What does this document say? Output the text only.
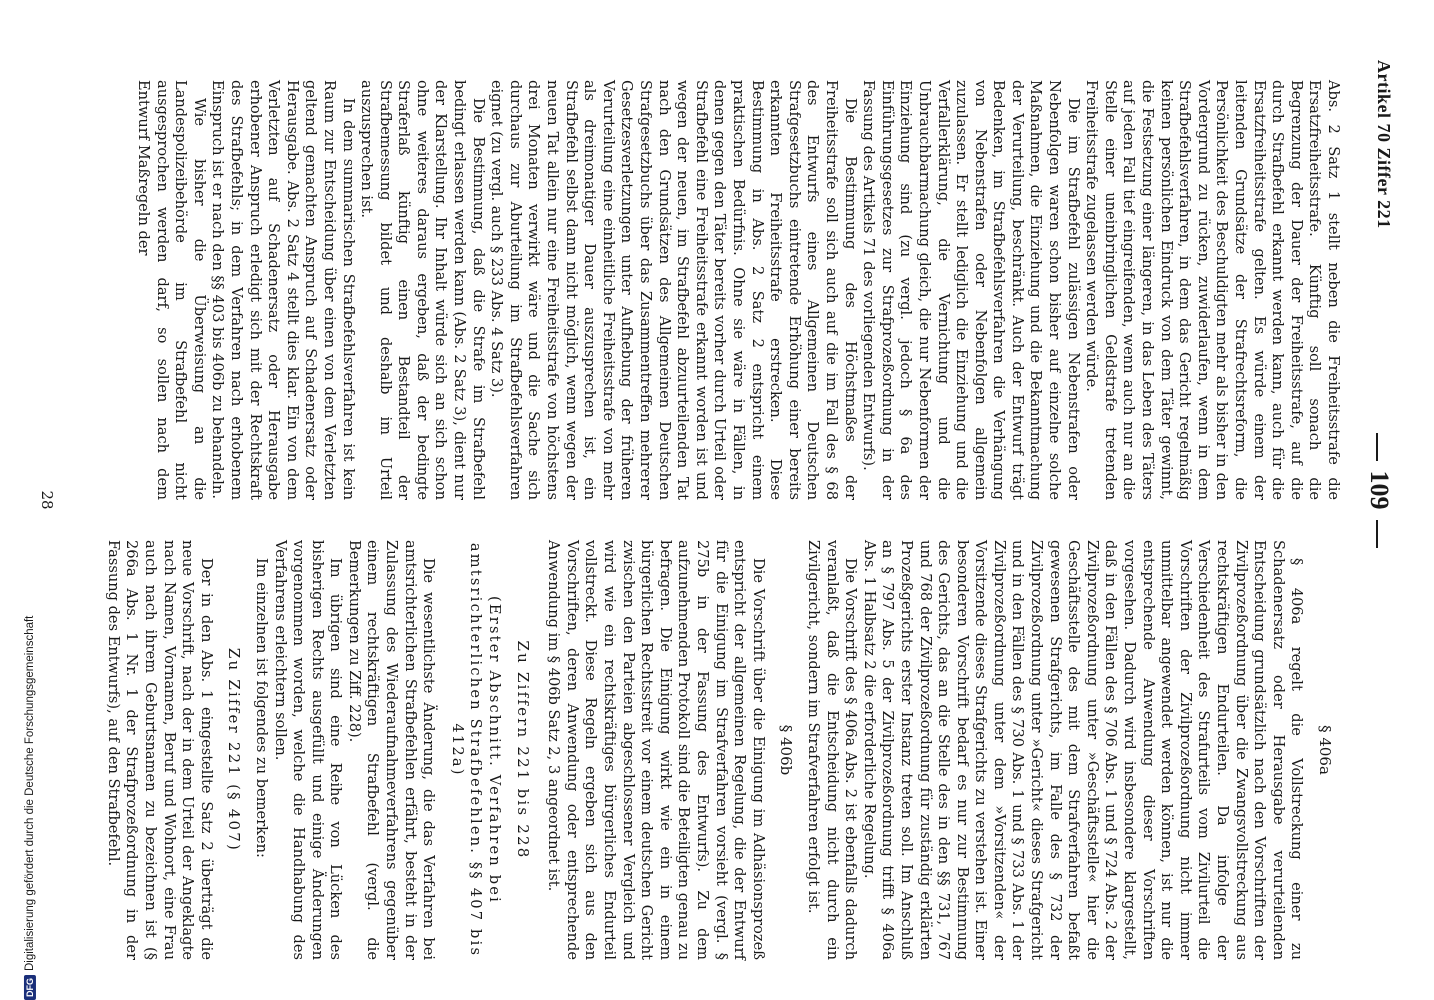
Artikel 70 Ziffer 221
109

Abs. 2 Satz 1 stellt neben die Freiheitsstrafe die Ersatzfreiheitsstrafe. Künftig soll sonach die Begrenzung der Dauer der Freiheitsstrafe, auf die durch Strafbefehl erkannt werden kann, auch für die Ersatzfreiheitsstrafe gelten. Es würde einem der leitenden Grundsätze der Strafrechtsreform, die Persönlichkeit des Beschuldigten mehr als bisher in den Vordergrund zu rücken, zuwiderlaufen, wenn in dem Strafbefehlsverfahren, in dem das Gericht regelmäßig keinen persönlichen Eindruck von dem Täter gewinnt, die Festsetzung einer längeren, in das Leben des Täters auf jeden Fall tief eingreifenden, wenn auch nur an die Stelle einer uneinbringlichen Geldstrafe tretenden Freiheitsstrafe zugelassen werden würde.

Die im Strafbefehl zulässigen Nebenstrafen oder Nebenfolgen waren schon bisher auf einzelne solche Maßnahmen, die Einziehung und die Bekanntmachung der Verurteilung, beschränkt. Auch der Entwurf trägt Bedenken, im Strafbefehlsverfahren die Verhängung von Nebenstrafen oder Nebenfolgen allgemein zuzulassen. Er stellt lediglich die Einziehung und die Verfallerklärung, die Vernichtung und die Unbrauchbarmachung gleich, die nur Nebenformen der Einziehung sind (zu vergl. jedoch § 6a des Einführungsgesetzes zur Strafprozeßordnung in der Fassung des Artikels 71 des vorliegenden Entwurfs).

Die Bestimmung des Höchstmaßes der Freiheitsstrafe soll sich auch auf die im Fall des § 68 des Entwurfs eines Allgemeinen Deutschen Strafgesetzbuchs eintretende Erhöhung einer bereits erkannten Freiheitsstrafe erstrecken. Diese Bestimmung in Abs. 2 Satz 2 entspricht einem praktischen Bedürfnis. Ohne sie wäre in Fällen, in denen gegen den Täter bereits vorher durch Urteil oder Strafbefehl eine Freiheitsstrafe erkannt worden ist und wegen der neuen, im Strafbefehl abzuurteilenden Tat nach den Grundsätzen des Allgemeinen Deutschen Strafgesetzbuchs über das Zusammentreffen mehrerer Gesetzesverletzungen unter Aufhebung der früheren Verurteilung eine einheitliche Freiheitsstrafe von mehr als dreimonatiger Dauer auszusprechen ist, ein Strafbefehl selbst dann nicht möglich, wenn wegen der neuen Tat allein nur eine Freiheitsstrafe von höchstens drei Monaten verwirkt wäre und die Sache sich durchaus zur Aburteilung im Strafbefehlsverfahren eignet (zu vergl. auch § 233 Abs. 4 Satz 3).

Die Bestimmung, daß die Strafe im Strafbefehl bedingt erlassen werden kann (Abs. 2 Satz 3), dient nur der Klarstellung. Ihr Inhalt würde sich an sich schon ohne weiteres daraus ergeben, daß der bedingte Straferlaß künftig einen Bestandteil der Strafbemessung bildet und deshalb im Urteil auszusprechen ist.

In dem summarischen Strafbefehlsverfahren ist kein Raum zur Entscheidung über einen von dem Verletzten geltend gemachten Anspruch auf Schadenersatz oder Herausgabe. Abs. 2 Satz 4 stellt dies klar. Ein von dem Verletzten auf Schadenersatz oder Herausgabe erhobener Anspruch erledigt sich mit der Rechtskraft des Strafbefehls; in dem Verfahren nach erhobenem Einspruch ist er nach den §§ 403 bis 406b zu behandeln.

Wie bisher die Überweisung an die Landespolizeibehörde im Strafbefehl nicht ausgesprochen werden darf, so sollen nach dem Entwurf Maßregeln der

§ 406a

§ 406a regelt die Vollstreckung einer zu Schadenersatz oder Herausgabe verurteilenden Entscheidung grundsätzlich nach den Vorschriften der Zivilprozeßordnung über die Zwangsvollstreckung aus rechtskräftigen Endurteilen. Da infolge der Verschiedenheit des Strafurteils vom Zivilurteil die Vorschriften der Zivilprozeßordnung nicht immer unmittelbar angewendet werden können, ist nur die entsprechende Anwendung dieser Vorschriften vorgesehen. Dadurch wird insbesondere klargestellt, daß in den Fällen des § 706 Abs. 1 und § 724 Abs. 2 der Zivilprozeßordnung unter »Geschäftsstelle« hier die Geschäftsstelle des mit dem Strafverfahren befaßt gewesenen Strafgerichts, im Falle des § 732 der Zivilprozeßordnung unter »Gericht« dieses Strafgericht und in den Fällen des § 730 Abs. 1 und § 733 Abs. 1 der Zivilprozeßordnung unter dem »Vorsitzenden« der Vorsitzende dieses Strafgerichts zu verstehen ist. Einer besonderen Vorschrift bedarf es nur zur Bestimmung des Gerichts, das an die Stelle des in den §§ 731, 767 und 768 der Zivilprozeßordnung für zuständig erklärten Prozeßgerichts erster Instanz treten soll. Im Anschluß an § 797 Abs. 5 der Zivilprozeßordnung trifft § 406a Abs. 1 Halbsatz 2 die erforderliche Regelung.

Die Vorschrift des § 406a Abs. 2 ist ebenfalls dadurch veranlaßt, daß die Entscheidung nicht durch ein Zivilgericht, sondern im Strafverfahren erfolgt ist.

§ 406b

Die Vorschrift über die Einigung im Adhäsionsprozeß entspricht der allgemeinen Regelung, die der Entwurf für die Einigung im Strafverfahren vorsieht (vergl. § 275b in der Fassung des Entwurfs). Zu dem aufzunehmenden Protokoll sind die Beteiligten genau zu befragen. Die Einigung wirkt wie ein in einem bürgerlichen Rechtsstreit vor einem deutschen Gericht zwischen den Parteien abgeschlossener Vergleich und wird wie ein rechtskräftiges bürgerliches Endurteil vollstreckt. Diese Regeln ergeben sich aus den Vorschriften, deren Anwendung oder entsprechende Anwendung im § 406b Satz 2, 3 angeordnet ist.

Zu Ziffern 221 bis 228

(Erster Abschnitt. Verfahren bei amtsrichterlichen Strafbefehlen. §§ 407 bis 412a)

Die wesentlichste Änderung, die das Verfahren bei amtsrichterlichen Strafbefehlen erfährt, besteht in der Zulassung des Wiederaufnahmeverfahrens gegenüber einem rechtskräftigen Strafbefehl (vergl. die Bemerkungen zu Ziff. 228).

Im übrigen sind eine Reihe von Lücken des bisherigen Rechts ausgefüllt und einige Änderungen vorgenommen worden, welche die Handhabung des Verfahrens erleichtern sollen.

Im einzelnen ist folgendes zu bemerken:

Zu Ziffer 221 (§ 407)

Der in den Abs. 1 eingestellte Satz 2 überträgt die neue Vorschrift, nach der in dem Urteil der Angeklagte nach Namen, Vornamen, Beruf und Wohnort, eine Frau auch nach ihrem Geburtsnamen zu bezeichnen ist (§ 266a Abs. 1 Nr. 1 der Strafprozeßordnung in der Fassung des Entwurfs), auf den Strafbefehl.

28
DFGDigitalisierung gefördert durch die Deutsche Forschungsgemeinschaft
